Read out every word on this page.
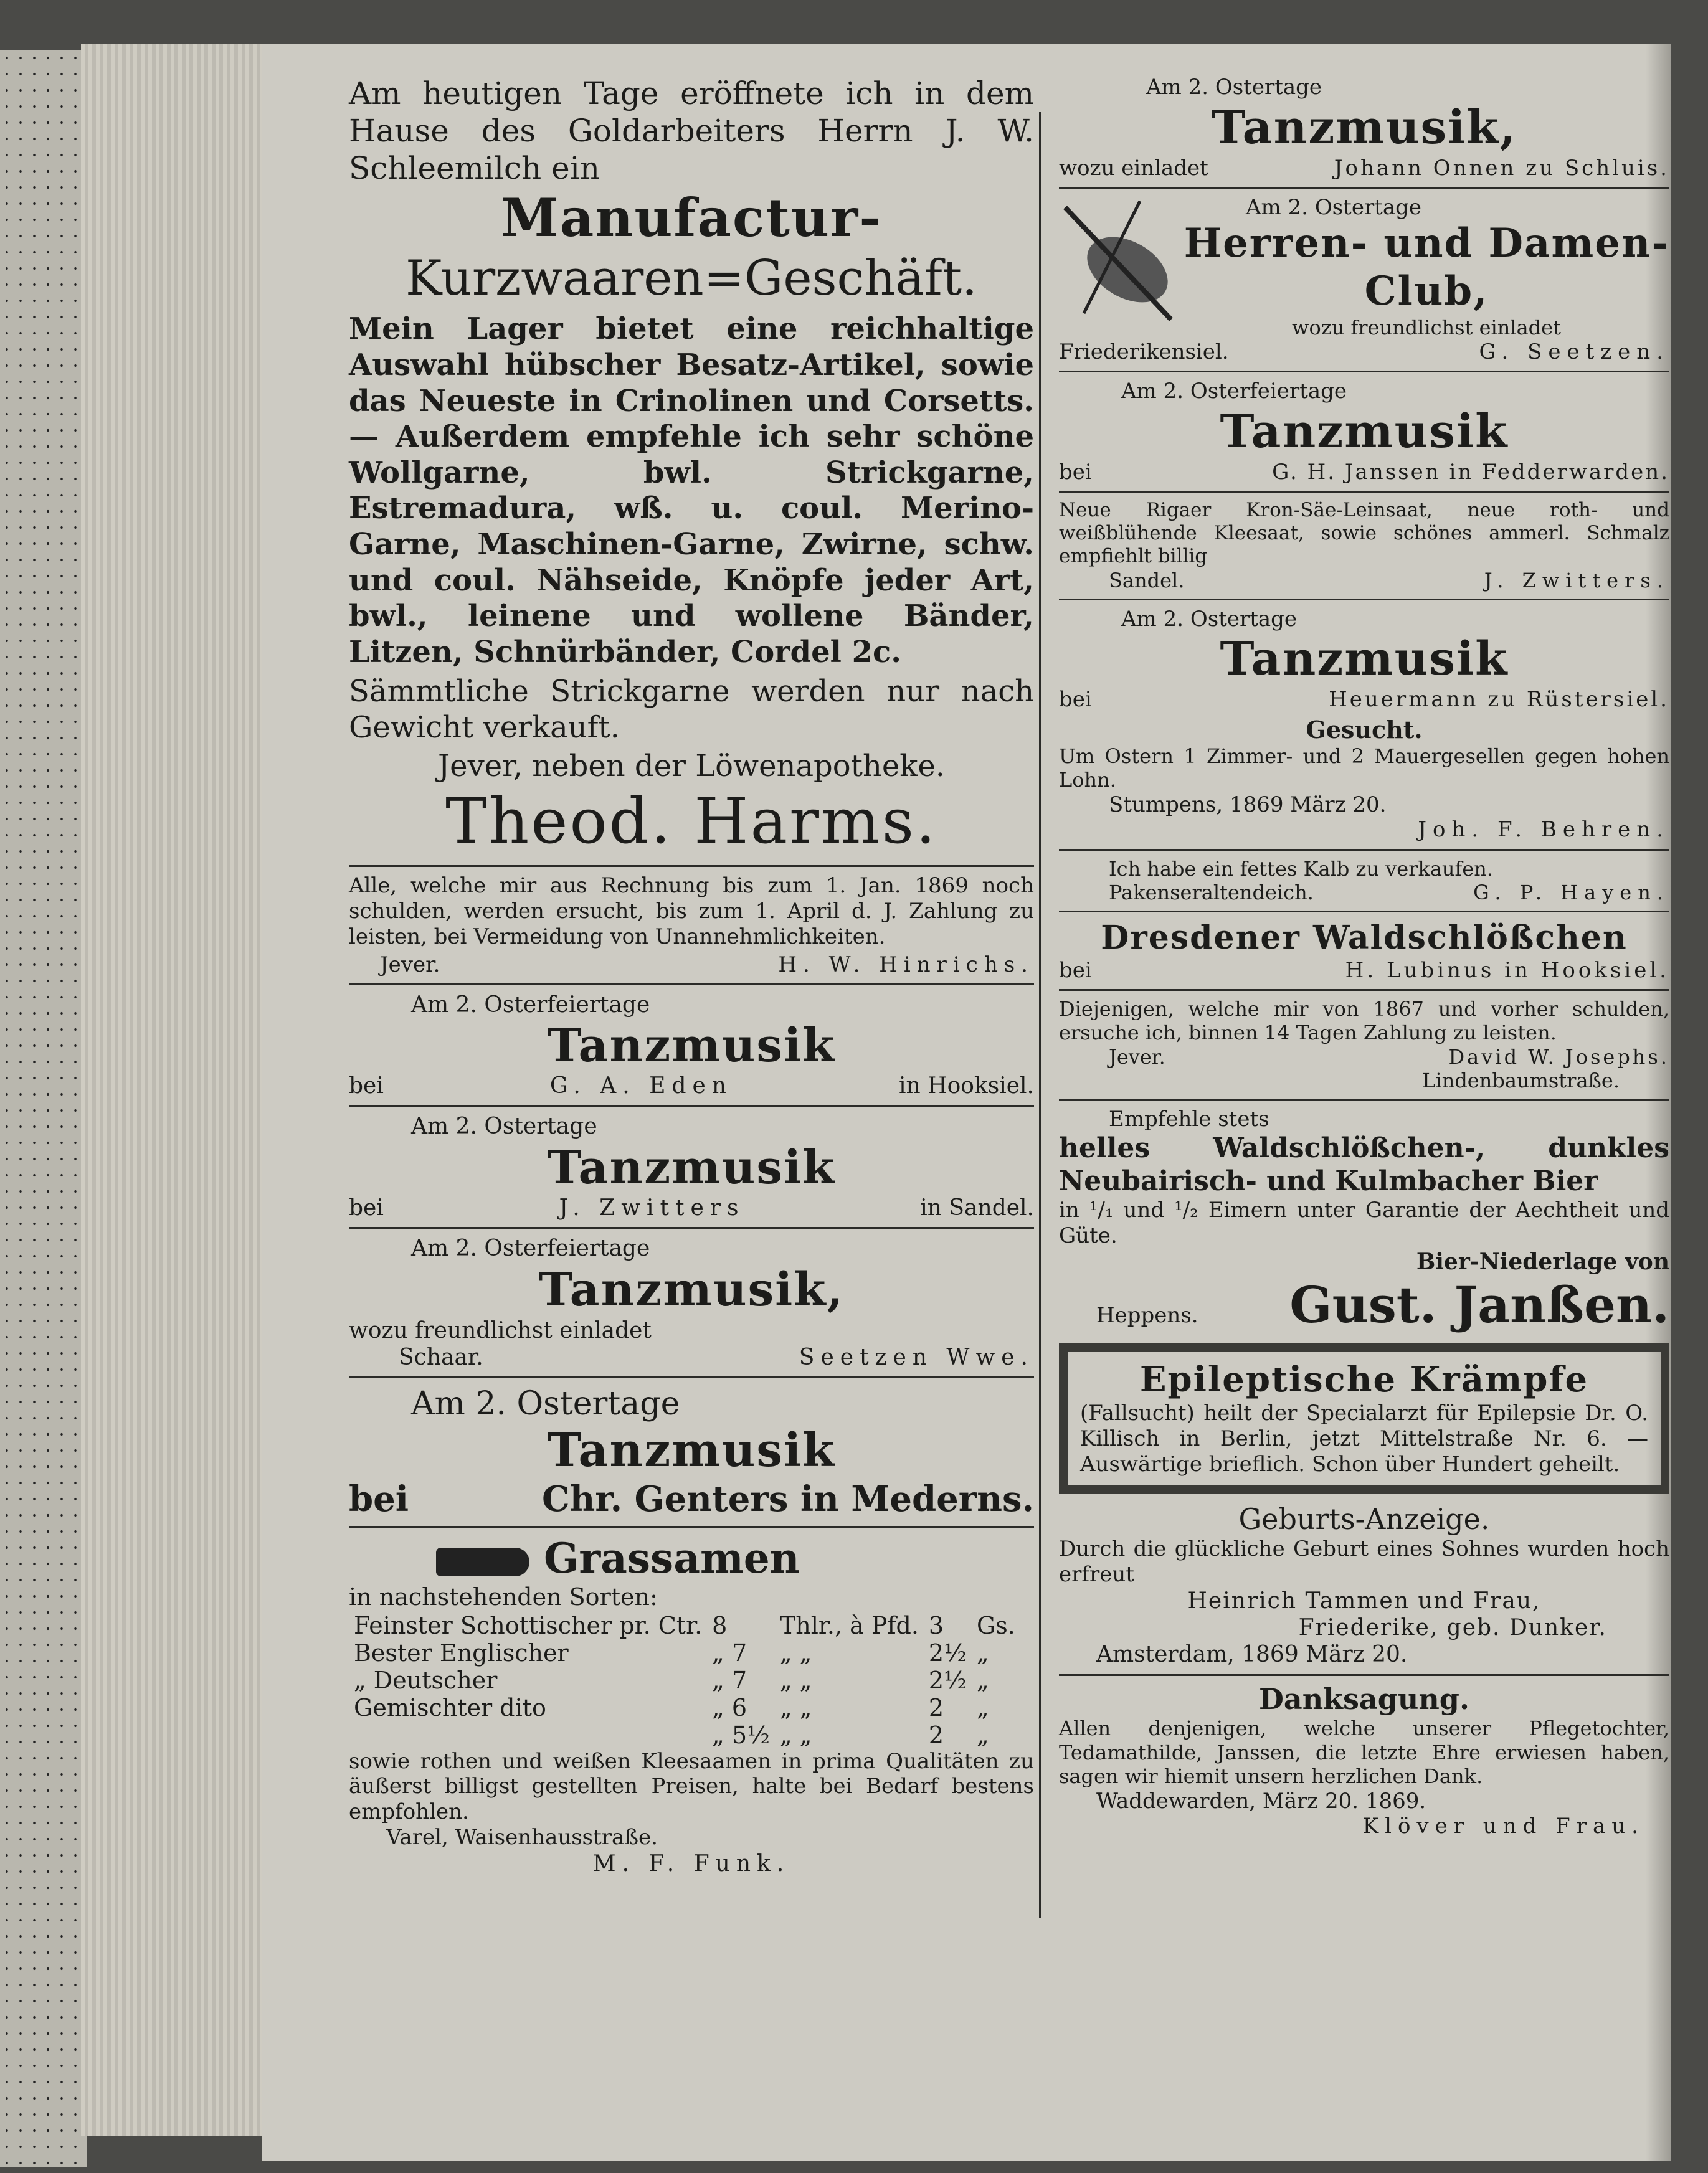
Am heutigen Tage eröffnete ich in dem Hause des Goldarbeiters Herrn J. W. Schleemilch ein
Manufactur-
Kurzwaaren=Geschäft.
Mein Lager bietet eine reichhaltige Auswahl hübscher Besatz-Artikel, sowie das Neueste in Crinolinen und Corsetts. — Außerdem empfehle ich sehr schöne Wollgarne, bwl. Strickgarne, Estremadura, wß. u. coul. Merino-Garne, Maschinen-Garne, Zwirne, schw. und coul. Nähseide, Knöpfe jeder Art, bwl., leinene und wollene Bänder, Litzen, Schnürbänder, Cordel 2c.
Sämmtliche Strickgarne werden nur nach Gewicht verkauft.
Jever, neben der Löwenapotheke.
Theod. Harms.
Alle, welche mir aus Rechnung bis zum 1. Jan. 1869 noch schulden, werden ersucht, bis zum 1. April d. J. Zahlung zu leisten, bei Vermeidung von Unannehmlichkeiten.
Jever.	H. W. Hinrichs.
Am 2. Osterfeiertage
Tanzmusik
bei	G. A. Eden	in Hooksiel.
Am 2. Ostertage
Tanzmusik
bei	J. Zwitters	in Sandel.
Am 2. Osterfeiertage
Tanzmusik,
wozu freundlichst einladet
Schaar.	Seetzen Wwe.
Am 2. Ostertage
Tanzmusik
bei	Chr. Genters in Mederns.
Grassamen
in nachstehenden Sorten:
Feinster Schottischer pr. Ctr.	8	Thlr., à Pfd.	3	Gs.
Bester Englischer	„ 7	„ „	2½	„
„ Deutscher	„ 7	„ „	2½	„
Gemischter dito	„ 6	„ „	2	„
	„ 5½	„ „	2	„
sowie rothen und weißen Kleesaamen in prima Qualitäten zu äußerst billigst gestellten Preisen, halte bei Bedarf bestens empfohlen.
Varel, Waisenhausstraße.
M. F. Funk.
Am 2. Ostertage
Tanzmusik,
wozu einladet	Johann Onnen zu Schluis.
Am 2. Ostertage
Herren- und Damen-
Club,
wozu freundlichst einladet
Friederikensiel.	G. Seetzen.
Am 2. Osterfeiertage
Tanzmusik
bei	G. H. Janssen in Fedderwarden.
Neue Rigaer Kron-Säe-Leinsaat, neue roth- und weißblühende Kleesaat, sowie schönes ammerl. Schmalz empfiehlt billig
Sandel.	J. Zwitters.
Am 2. Ostertage
Tanzmusik
bei	Heuermann zu Rüstersiel.
Gesucht.
Um Ostern 1 Zimmer- und 2 Mauergesellen gegen hohen Lohn.
Stumpens, 1869 März 20.
Joh. F. Behren.
Ich habe ein fettes Kalb zu verkaufen.
Pakenseraltendeich.	G. P. Hayen.
Dresdener Waldschlößchen
bei	H. Lubinus in Hooksiel.
Diejenigen, welche mir von 1867 und vorher schulden, ersuche ich, binnen 14 Tagen Zahlung zu leisten.
Jever.	David W. Josephs.
Lindenbaumstraße.
Empfehle stets
helles Waldschlößchen-, dunkles Neubairisch- und Kulmbacher Bier
in ¹/₁ und ¹/₂ Eimern unter Garantie der Aechtheit und Güte.
Bier-Niederlage von
Heppens. Gust. Janßen.
Epileptische Krämpfe
(Fallsucht) heilt der Specialarzt für Epilepsie Dr. O. Killisch in Berlin, jetzt Mittelstraße Nr. 6. — Auswärtige brieflich. Schon über Hundert geheilt.
Geburts-Anzeige.
Durch die glückliche Geburt eines Sohnes wurden hoch erfreut
Heinrich Tammen und Frau,
Friederike, geb. Dunker.
Amsterdam, 1869 März 20.
Danksagung.
Allen denjenigen, welche unserer Pflegetochter, Tedamathilde, Janssen, die letzte Ehre erwiesen haben, sagen wir hiemit unsern herzlichen Dank.
Waddewarden, März 20. 1869.
Klöver und Frau.
